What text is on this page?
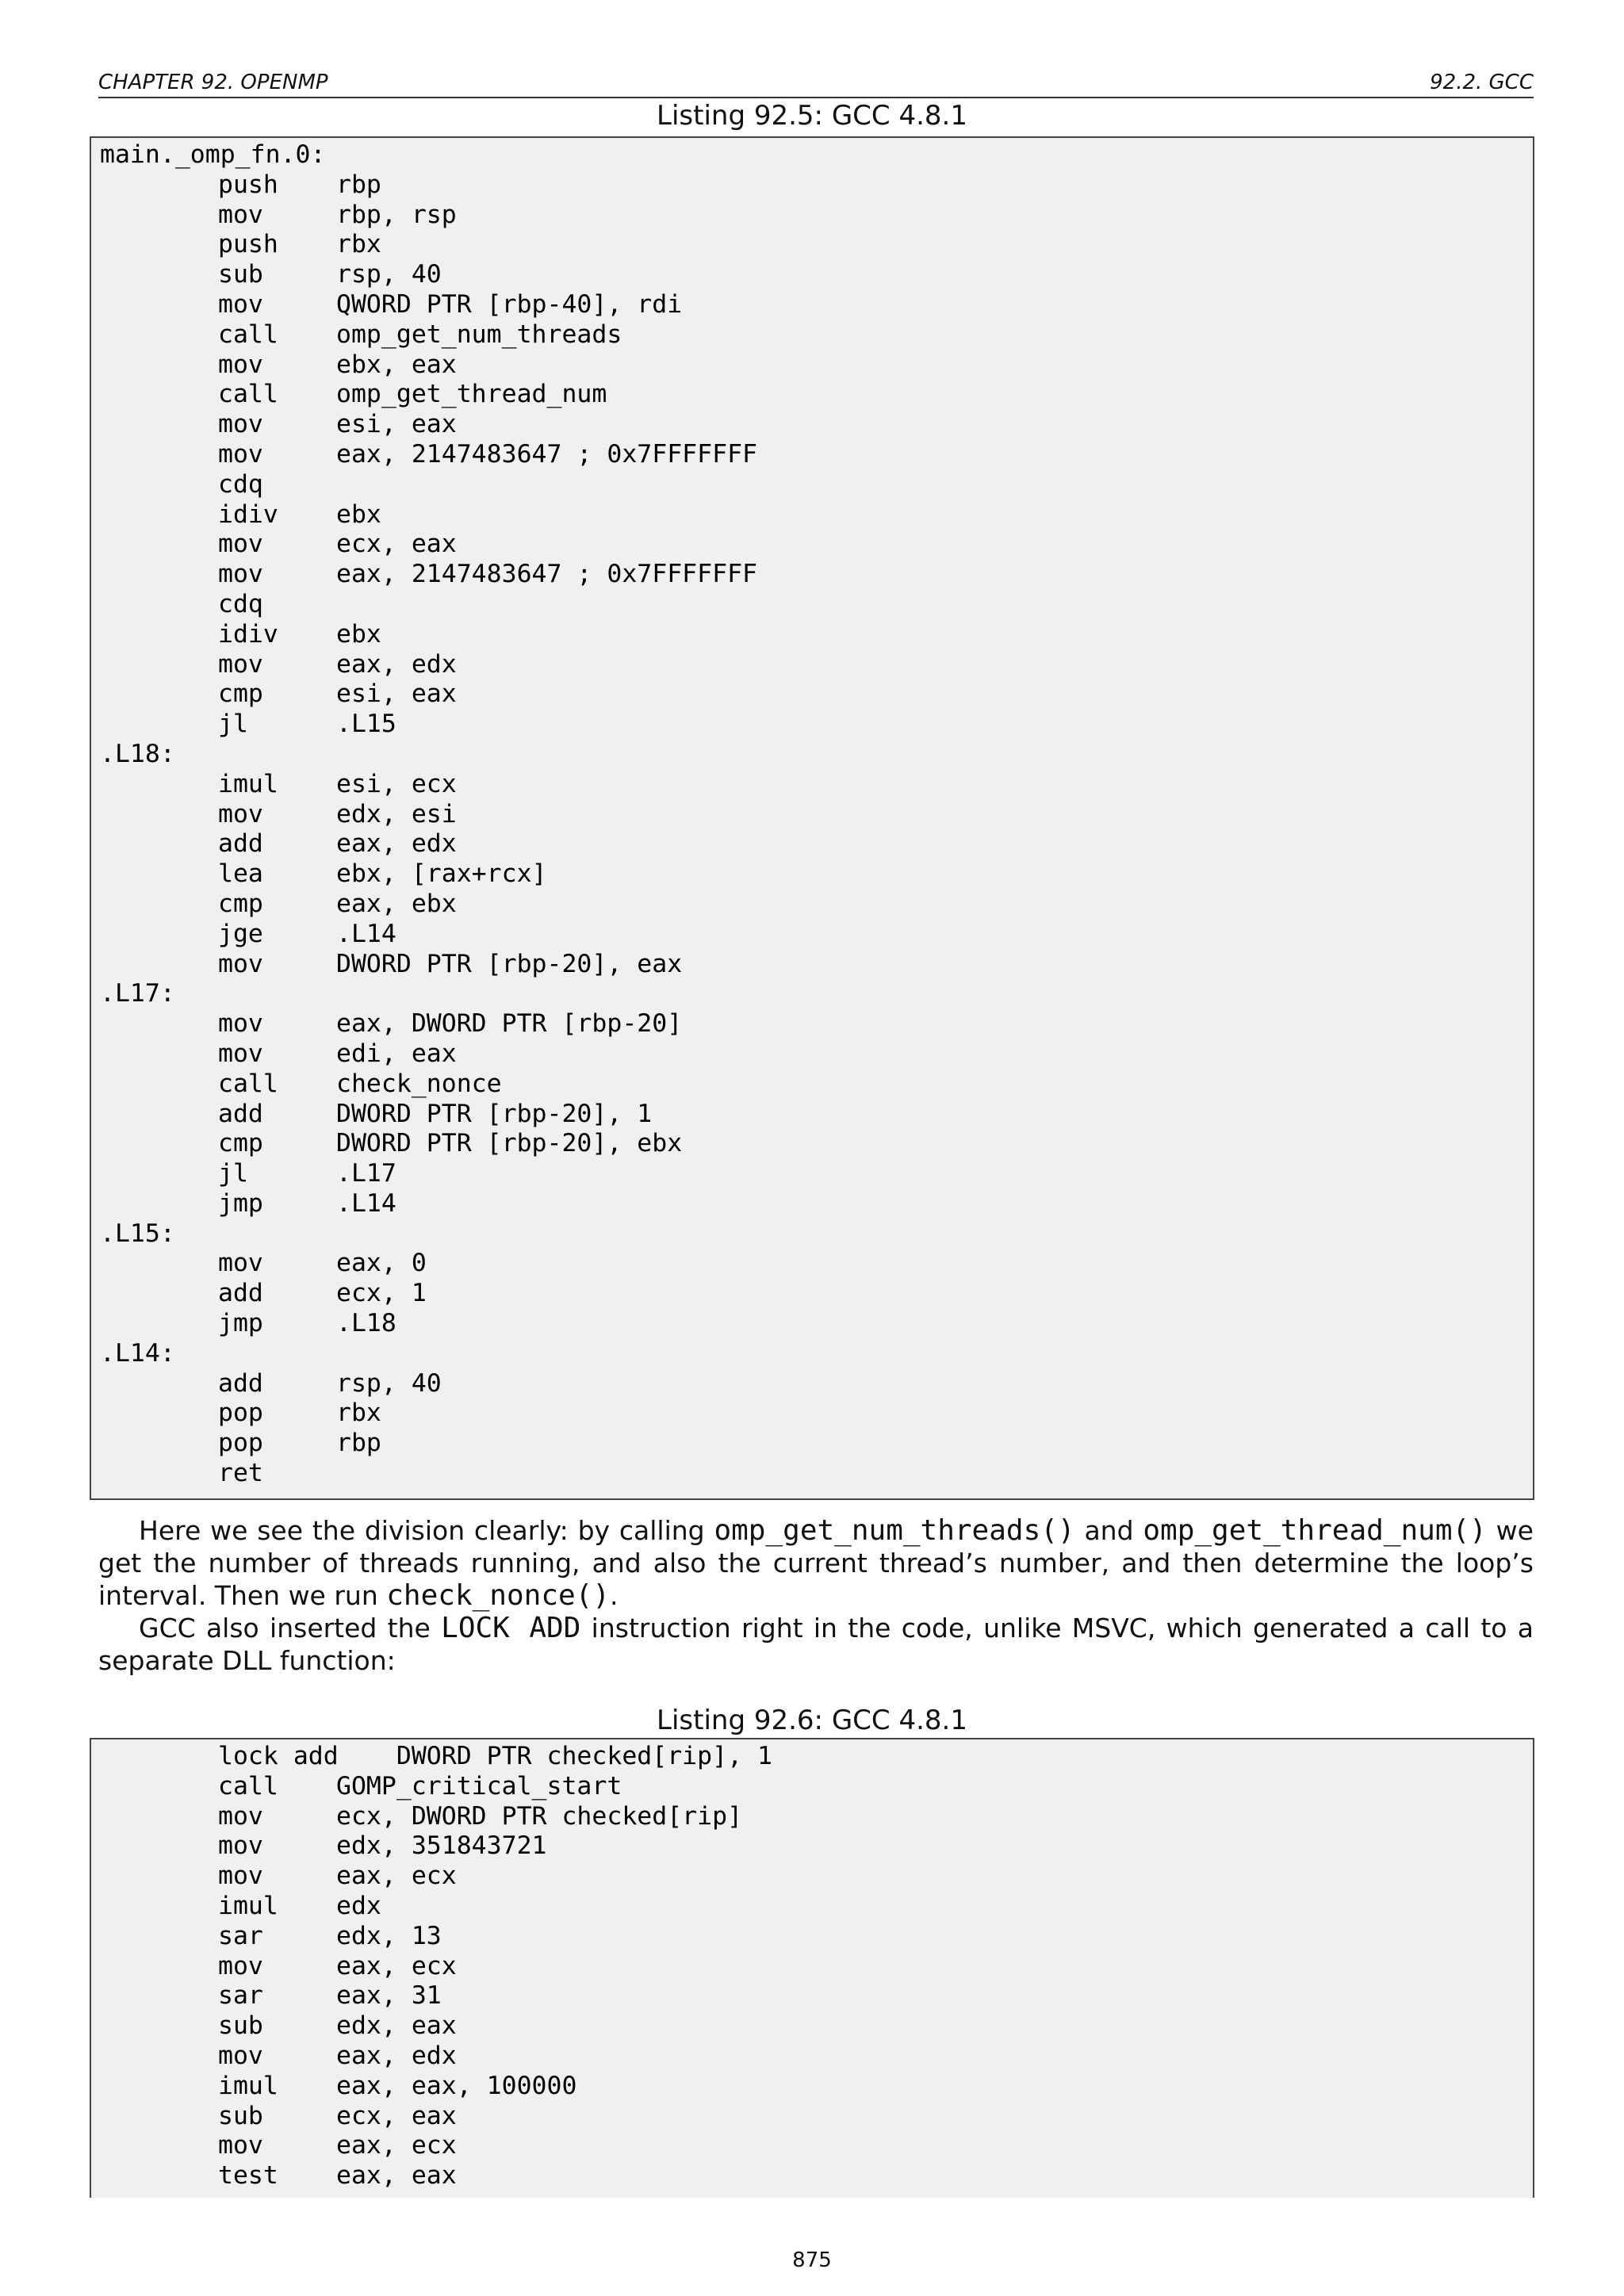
CHAPTER 92. OPENMP	92.2. GCC
Listing 92.5: GCC 4.8.1
main._omp_fn.0:
push rbp
mov	rbp, rsp
push rbx
sub	rsp, 40
mov	QWORD PTR [rbp-40], rdi
call omp_get_num_threads
mov	ebx, eax
call omp_get_thread_num
mov	esi, eax
mov	eax, 2147483647 ; 0x7FFFFFFF
cdq
idiv ebx
mov	ecx, eax
mov	eax, 2147483647 ; 0x7FFFFFFF
cdq
idiv ebx
mov	eax, edx
cmp	esi, eax
jl	.L15
.L18:
imul esi, ecx
mov	edx, esi
add	eax, edx
lea	ebx, [rax+rcx]
cmp	eax, ebx
jge	.L14
mov	DWORD PTR [rbp-20], eax
.L17:
mov	eax, DWORD PTR [rbp-20]
mov	edi, eax
call check_nonce
add	DWORD PTR [rbp-20], 1
cmp	DWORD PTR [rbp-20], ebx
jl	.L17
jmp	.L14
.L15:
mov	eax, 0
add	ecx, 1
jmp	.L18
.L14:
add	rsp, 40
pop	rbx
pop	rbp
ret
Here we see the division clearly: by calling omp_get_num_threads() and omp_get_thread_num() we get the number of threads running, and also the current thread’s number, and then determine the loop’s interval. Then we run check_nonce().
GCC also inserted the LOCK ADD instruction right in the code, unlike MSVC, which generated a call to a separate DLL function:
Listing 92.6: GCC 4.8.1
lock add    DWORD PTR checked[rip], 1
call GOMP_critical_start
mov	ecx, DWORD PTR checked[rip]
mov	edx, 351843721
mov	eax, ecx
imul edx
sar	edx, 13
mov	eax, ecx
sar	eax, 31
sub	edx, eax
mov	eax, edx
imul eax, eax, 100000
sub	ecx, eax
mov	eax, ecx
test eax, eax
875
